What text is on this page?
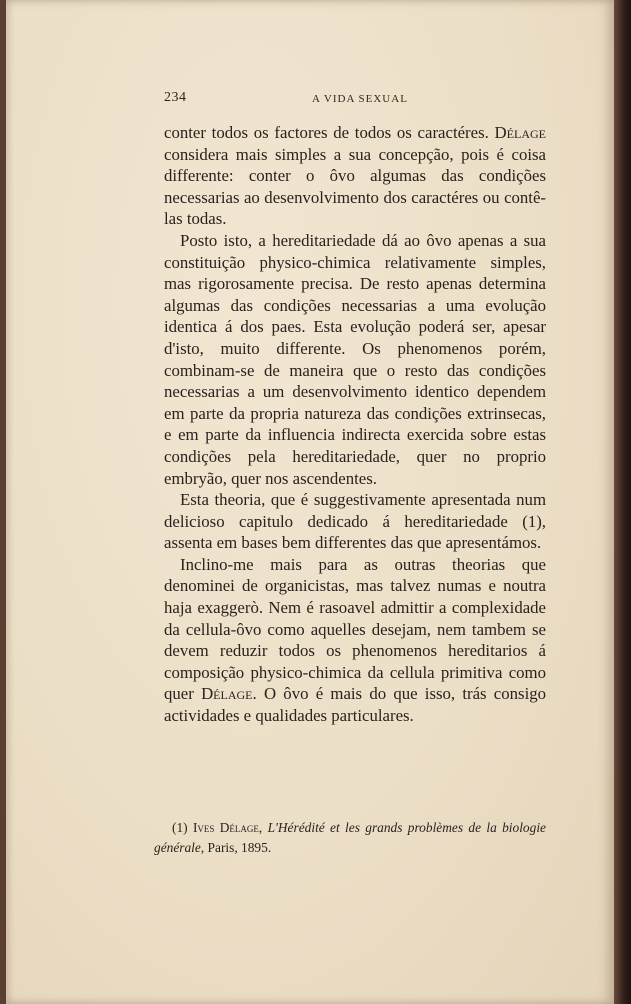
234	A VIDA SEXUAL

conter todos os factores de todos os caractéres. Délage considera mais simples a sua concepção, pois é coisa differente: conter o ôvo algumas das condições necessarias ao desenvolvimento dos caractéres ou contê-las todas.

Posto isto, a hereditariedade dá ao ôvo apenas a sua constituição physico-chimica relativamente simples, mas rigorosamente precisa. De resto apenas determina algumas das condições necessarias a uma evolução identica á dos paes. Esta evolução poderá ser, apesar d'isto, muito differente. Os phenomenos porém, combinam-se de maneira que o resto das condições necessarias a um desenvolvimento identico dependem em parte da propria natureza das condições extrinsecas, e em parte da influencia indirecta exercida sobre estas condições pela hereditariedade, quer no proprio embryão, quer nos ascendentes.

Esta theoria, que é suggestivamente apresentada num delicioso capitulo dedicado á hereditariedade (1), assenta em bases bem differentes das que apresentámos.

Inclino-me mais para as outras theorias que denominei de organicistas, mas talvez numas e noutra haja exaggerò. Nem é rasoavel admittir a complexidade da cellula-ôvo como aquelles desejam, nem tambem se devem reduzir todos os phenomenos hereditarios á composição physico-chimica da cellula primitiva como quer Délage. O ôvo é mais do que isso, trás consigo actividades e qualidades particulares.

(1) Ives Délage, L'Hérédité et les grands problèmes de la biologie générale, Paris, 1895.
